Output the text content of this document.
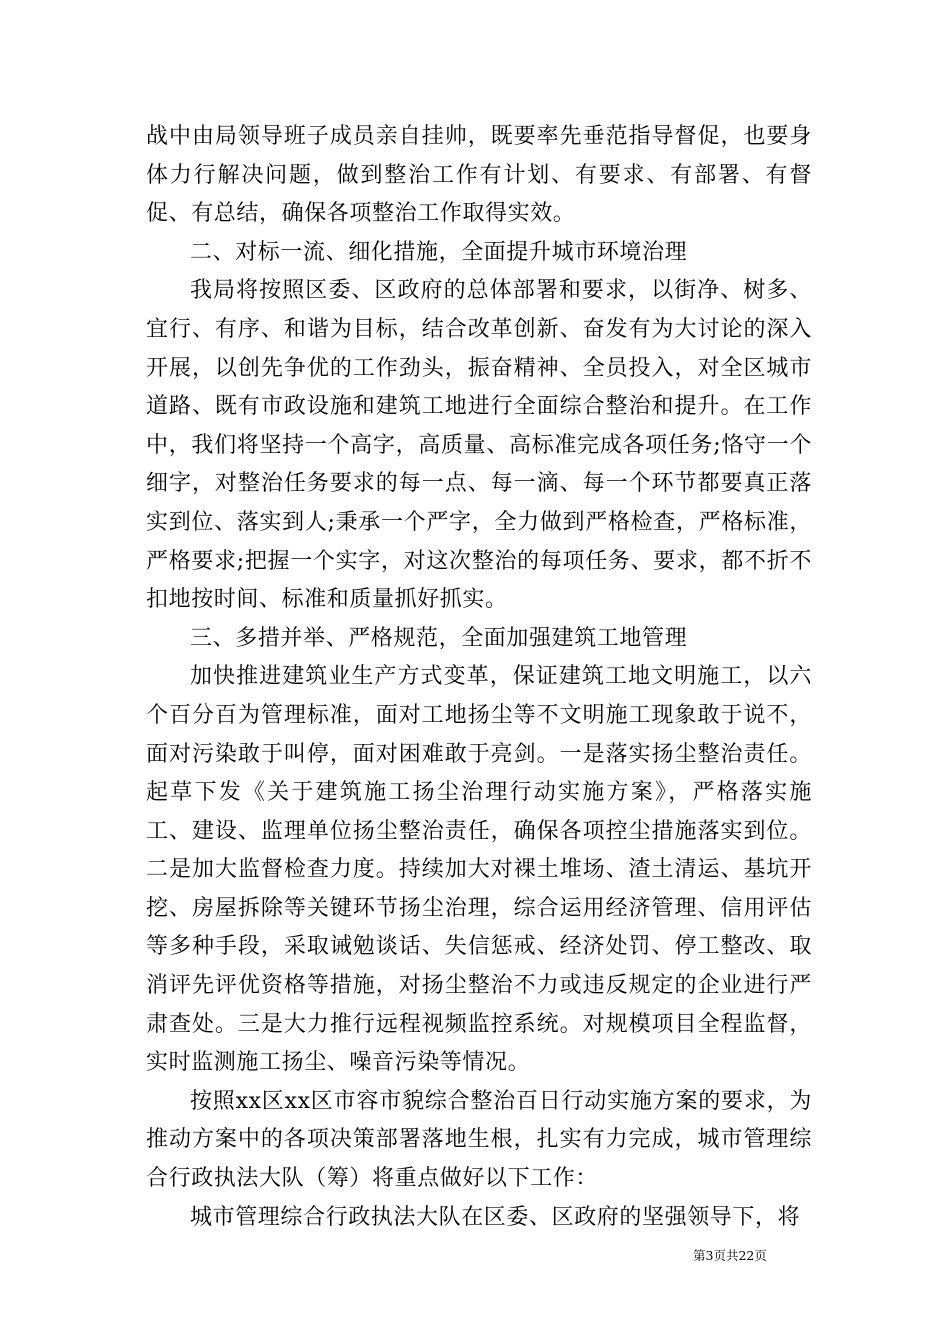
战中由局领导班子成员亲自挂帅，既要率先垂范指导督促，也要身体力行解决问题，做到整治工作有计划、有要求、有部署、有督促、有总结，确保各项整治工作取得实效。

二、对标一流、细化措施，全面提升城市环境治理

我局将按照区委、区政府的总体部署和要求，以街净、树多、宜行、有序、和谐为目标，结合改革创新、奋发有为大讨论的深入开展，以创先争优的工作劲头，振奋精神、全员投入，对全区城市道路、既有市政设施和建筑工地进行全面综合整治和提升。在工作中，我们将坚持一个高字，高质量、高标准完成各项任务;恪守一个细字，对整治任务要求的每一点、每一滴、每一个环节都要真正落实到位、落实到人;秉承一个严字，全力做到严格检查，严格标准，严格要求;把握一个实字，对这次整治的每项任务、要求，都不折不扣地按时间、标准和质量抓好抓实。

三、多措并举、严格规范，全面加强建筑工地管理

加快推进建筑业生产方式变革，保证建筑工地文明施工，以六个百分百为管理标准，面对工地扬尘等不文明施工现象敢于说不，面对污染敢于叫停，面对困难敢于亮剑。一是落实扬尘整治责任。起草下发《关于建筑施工扬尘治理行动实施方案》，严格落实施工、建设、监理单位扬尘整治责任，确保各项控尘措施落实到位。二是加大监督检查力度。持续加大对裸土堆场、渣土清运、基坑开挖、房屋拆除等关键环节扬尘治理，综合运用经济管理、信用评估等多种手段，采取诫勉谈话、失信惩戒、经济处罚、停工整改、取消评先评优资格等措施，对扬尘整治不力或违反规定的企业进行严肃查处。三是大力推行远程视频监控系统。对规模项目全程监督，实时监测施工扬尘、噪音污染等情况。

按照xx区xx区市容市貌综合整治百日行动实施方案的要求，为推动方案中的各项决策部署落地生根，扎实有力完成，城市管理综合行政执法大队（筹）将重点做好以下工作：

城市管理综合行政执法大队在区委、区政府的坚强领导下，将

第3页共22页
